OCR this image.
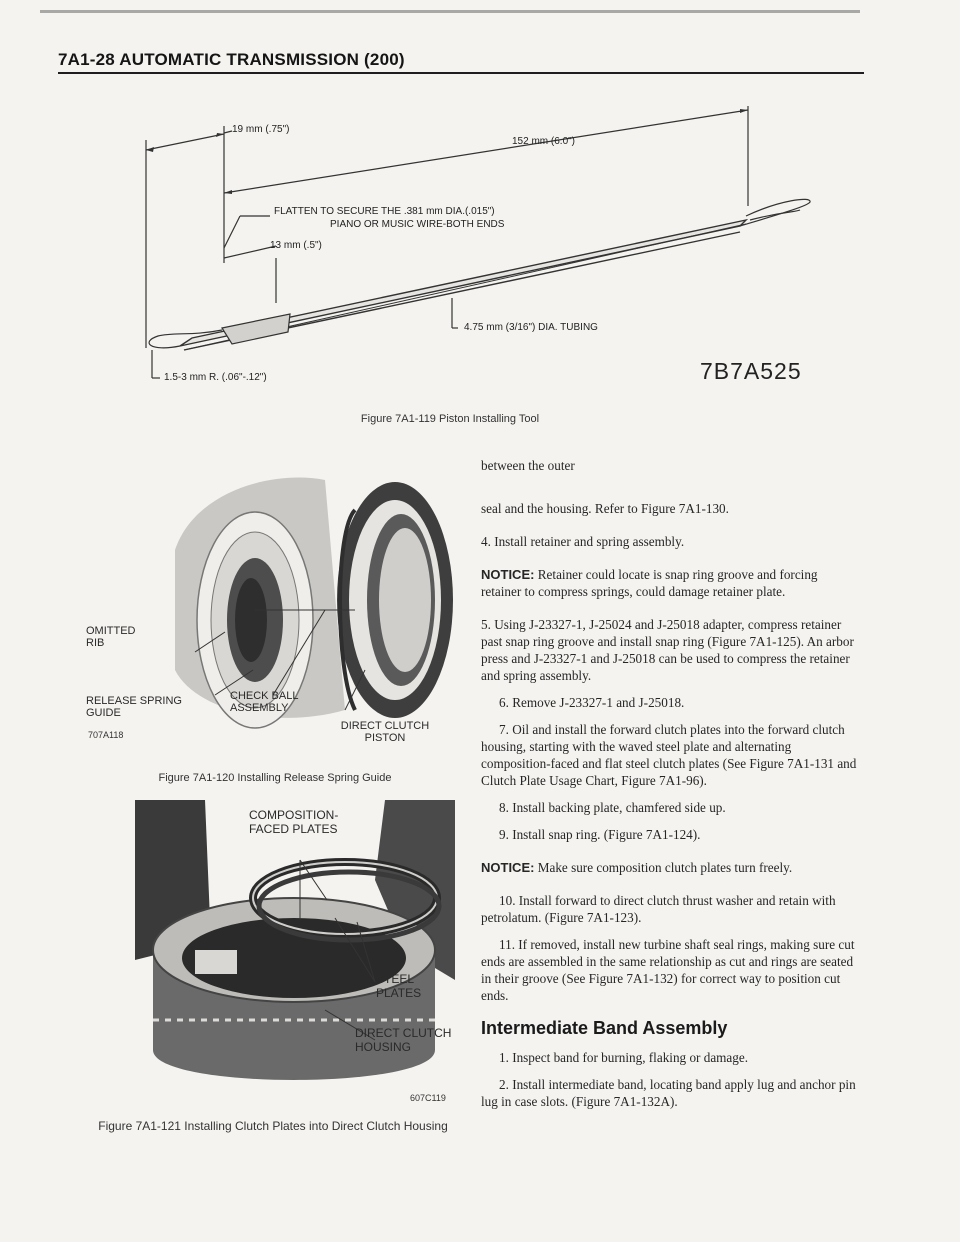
7A1-28 AUTOMATIC TRANSMISSION (200)
19 mm (.75")
152 mm (6.0")
FLATTEN TO SECURE THE .381 mm DIA.(.015")
PIANO OR MUSIC WIRE-BOTH ENDS
13 mm (.5")
4.75 mm (3/16") DIA. TUBING
1.5-3 mm R. (.06"-.12")	7B7A525
Figure 7A1-119 Piston Installing Tool
OMITTED RIB
RELEASE SPRING GUIDE
CHECK BALL ASSEMBLY
DIRECT CLUTCH PISTON
707A118
Figure 7A1-120 Installing Release Spring Guide
COMPOSITION-FACED PLATES
STEEL PLATES
DIRECT CLUTCH HOUSING
607C119
Figure 7A1-121 Installing Clutch Plates into Direct Clutch Housing

between the outer

seal and the housing. Refer to Figure 7A1-130.

4. Install retainer and spring assembly.

NOTICE: Retainer could locate is snap ring groove and forcing retainer to compress springs, could damage retainer plate.

5. Using J-23327-1, J-25024 and J-25018 adapter, compress retainer past snap ring groove and install snap ring (Figure 7A1-125). An arbor press and J-23327-1 and J-25018 can be used to compress the retainer and spring assembly.

6. Remove J-23327-1 and J-25018.

7. Oil and install the forward clutch plates into the forward clutch housing, starting with the waved steel plate and alternating composition-faced and flat steel clutch plates (See Figure 7A1-131 and Clutch Plate Usage Chart, Figure 7A1-96).

8. Install backing plate, chamfered side up.

9. Install snap ring. (Figure 7A1-124).

NOTICE: Make sure composition clutch plates turn freely.

10. Install forward to direct clutch thrust washer and retain with petrolatum. (Figure 7A1-123).

11. If removed, install new turbine shaft seal rings, making sure cut ends are assembled in the same relationship as cut and rings are seated in their groove (See Figure 7A1-132) for correct way to position cut ends.

Intermediate Band Assembly

1. Inspect band for burning, flaking or damage.

2. Install intermediate band, locating band apply lug and anchor pin lug in case slots. (Figure 7A1-132A).
